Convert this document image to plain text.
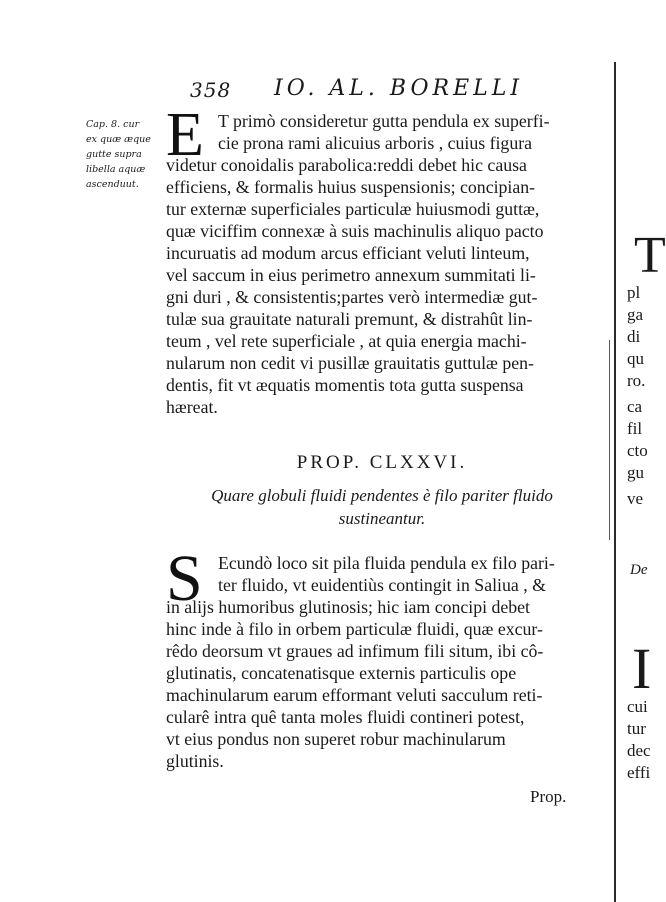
358 IO. AL. BORELLI
Cap. 8. cur
ex quæ æque
gutte supra
libella aquæ
ascenduut.
E T primò consideretur gutta pendula ex superfi-
cie prona rami alicuius arboris , cuius figura
videtur conoidalis parabolica:reddi debet hic causa
efficiens, & formalis huius suspensionis; concipian-
tur externæ superficiales particulæ huiusmodi guttæ,
quæ viciffim connexæ à suis machinulis aliquo pacto
incuruatis ad modum arcus efficiant veluti linteum,
vel saccum in eius perimetro annexum summitati li-
gni duri , & consistentis;partes verò intermediæ gut-
tulæ sua grauitate naturali premunt, & distrahût lin-
teum , vel rete superficiale , at quia energia machi-
nularum non cedit vi pusillæ grauitatis guttulæ pen-
dentis, fit vt æquatis momentis tota gutta suspensa
hæreat.
PROP. CLXXVI.
Quare globuli fluidi pendentes è filo pariter fluido
sustineantur.
S Ecundò loco sit pila fluida pendula ex filo pari-
ter fluido, vt euidentiùs contingit in Saliua , &
in alijs humoribus glutinosis; hic iam concipi debet
hinc inde à filo in orbem particulæ fluidi, quæ excur-
rêdo deorsum vt graues ad infimum fili situm, ibi cô-
glutinatis, concatenatisque externis particulis ope
machinularum earum efformant veluti sacculum reti-
cularê intra quê tanta moles fluidi contineri potest,
vt eius pondus non superet robur machinularum
glutinis.
Prop.
T
pl
ga
di
qu
ro.
ca
fil
cto
gu
ve
De
I
cui
tur
dec
effi
